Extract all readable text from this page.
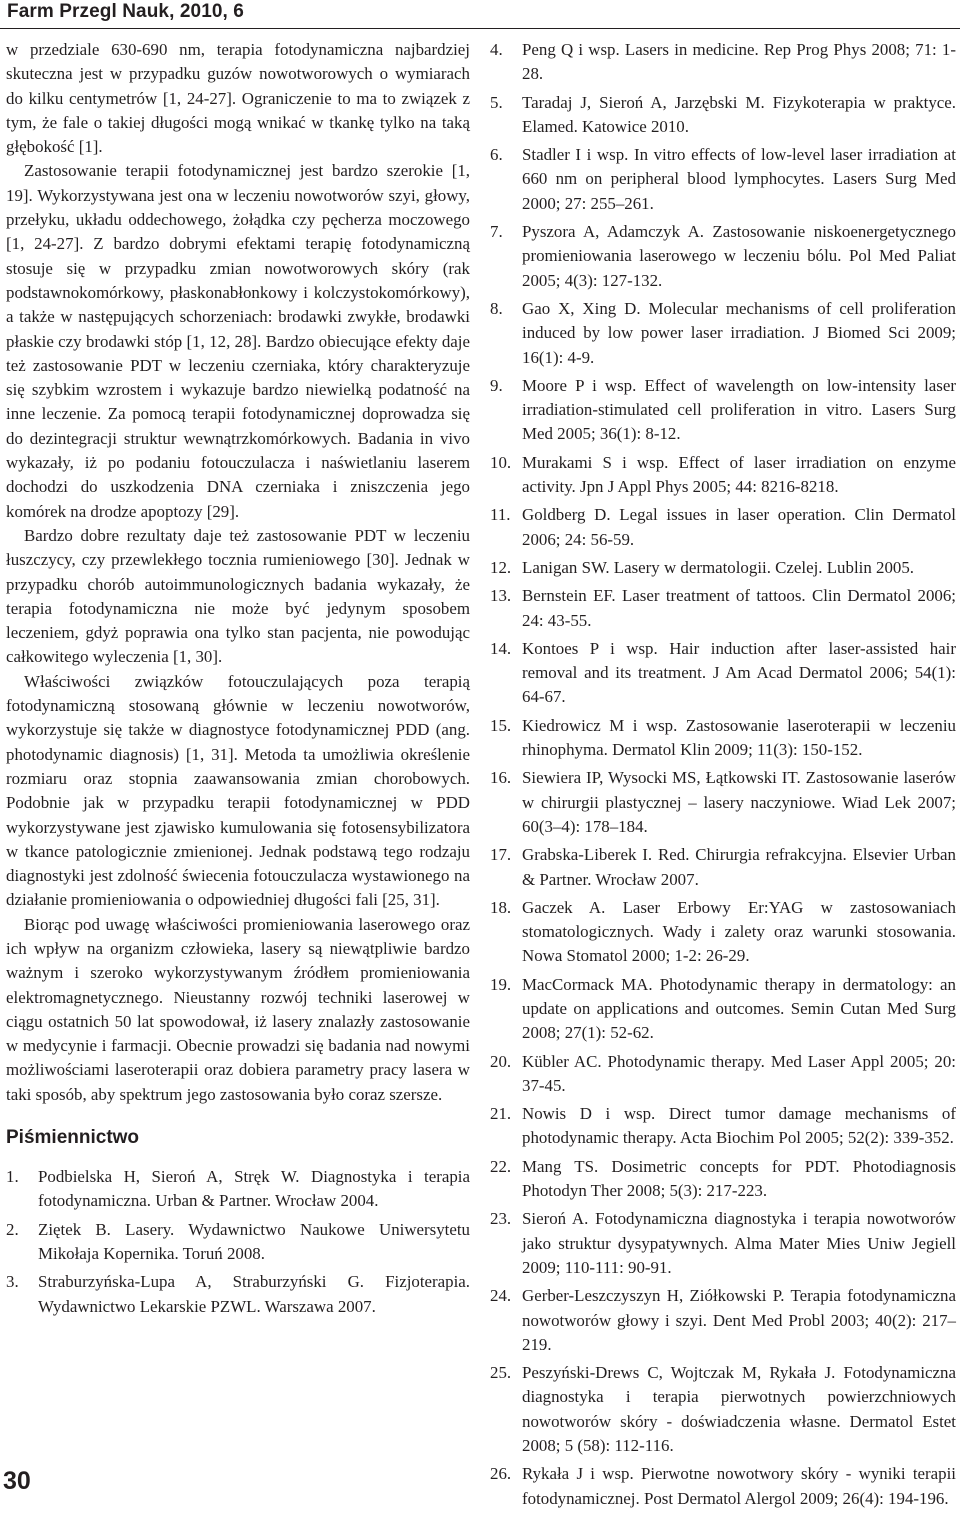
Farm Przegl Nauk, 2010, 6

w przedziale 630-690 nm, terapia fotodynamiczna najbardziej skuteczna jest w przypadku guzów nowotworowych o wymiarach do kilku centymetrów [1, 24-27]. Ograniczenie to ma to związek z tym, że fale o takiej długości mogą wnikać w tkankę tylko na taką głębokość [1].

Zastosowanie terapii fotodynamicznej jest bardzo szerokie [1, 19]. Wykorzystywana jest ona w leczeniu nowotworów szyi, głowy, przełyku, układu oddechowego, żołądka czy pęcherza moczowego [1, 24-27]. Z bardzo dobrymi efektami terapię fotodynamiczną stosuje się w przypadku zmian nowotworowych skóry (rak podstawnokomórkowy, płaskonabłonkowy i kolczystokomórkowy), a także w następujących schorzeniach: brodawki zwykłe, brodawki płaskie czy brodawki stóp [1, 12, 28]. Bardzo obiecujące efekty daje też zastosowanie PDT w leczeniu czerniaka, który charakteryzuje się szybkim wzrostem i wykazuje bardzo niewielką podatność na inne leczenie. Za pomocą terapii fotodynamicznej doprowadza się do dezintegracji struktur wewnątrzkomórkowych. Badania in vivo wykazały, iż po podaniu fotouczulacza i naświetlaniu laserem dochodzi do uszkodzenia DNA czerniaka i zniszczenia jego komórek na drodze apoptozy [29].

Bardzo dobre rezultaty daje też zastosowanie PDT w leczeniu łuszczycy, czy przewlekłego tocznia rumieniowego [30]. Jednak w przypadku chorób autoimmunologicznych badania wykazały, że terapia fotodynamiczna nie może być jedynym sposobem leczeniem, gdyż poprawia ona tylko stan pacjenta, nie powodując całkowitego wyleczenia [1, 30].

Właściwości związków fotouczulających poza terapią fotodynamiczną stosowaną głównie w leczeniu nowotworów, wykorzystuje się także w diagnostyce fotodynamicznej PDD (ang. photodynamic diagnosis) [1, 31]. Metoda ta umożliwia określenie rozmiaru oraz stopnia zaawansowania zmian chorobowych. Podobnie jak w przypadku terapii fotodynamicznej w PDD wykorzystywane jest zjawisko kumulowania się fotosensybilizatora w tkance patologicznie zmienionej. Jednak podstawą tego rodzaju diagnostyki jest zdolność świecenia fotouczulacza wystawionego na działanie promieniowania o odpowiedniej długości fali [25, 31].

Biorąc pod uwagę właściwości promieniowania laserowego oraz ich wpływ na organizm człowieka, lasery są niewątpliwie bardzo ważnym i szeroko wykorzystywanym źródłem promieniowania elektromagnetycznego. Nieustanny rozwój techniki laserowej w ciągu ostatnich 50 lat spowodował, iż lasery znalazły zastosowanie w medycynie i farmacji. Obecnie prowadzi się badania nad nowymi możliwościami laseroterapii oraz dobiera parametry pracy lasera w taki sposób, aby spektrum jego zastosowania było coraz szersze.

Piśmiennictwo
1. Podbielska H, Sieroń A, Stręk W. Diagnostyka i terapia fotodynamiczna. Urban & Partner. Wrocław 2004.
2. Ziętek B. Lasery. Wydawnictwo Naukowe Uniwersytetu Mikołaja Kopernika. Toruń 2008.
3. Straburzyńska-Lupa A, Straburzyński G. Fizjoterapia. Wydawnictwo Lekarskie PZWL. Warszawa 2007.
4. Peng Q i wsp. Lasers in medicine. Rep Prog Phys 2008; 71: 1-28.
5. Taradaj J, Sieroń A, Jarzębski M. Fizykoterapia w praktyce. Elamed. Katowice 2010.
6. Stadler I i wsp. In vitro effects of low-level laser irradiation at 660 nm on peripheral blood lymphocytes. Lasers Surg Med 2000; 27: 255–261.
7. Pyszora A, Adamczyk A. Zastosowanie niskoenergetycznego promieniowania laserowego w leczeniu bólu. Pol Med Paliat 2005; 4(3): 127-132.
8. Gao X, Xing D. Molecular mechanisms of cell proliferation induced by low power laser irradiation. J Biomed Sci 2009; 16(1): 4-9.
9. Moore P i wsp. Effect of wavelength on low-intensity laser irradiation-stimulated cell proliferation in vitro. Lasers Surg Med 2005; 36(1): 8-12.
10. Murakami S i wsp. Effect of laser irradiation on enzyme activity. Jpn J Appl Phys 2005; 44: 8216-8218.
11. Goldberg D. Legal issues in laser operation. Clin Dermatol 2006; 24: 56-59.
12. Lanigan SW. Lasery w dermatologii. Czelej. Lublin 2005.
13. Bernstein EF. Laser treatment of tattoos. Clin Dermatol 2006; 24: 43-55.
14. Kontoes P i wsp. Hair induction after laser-assisted hair removal and its treatment. J Am Acad Dermatol 2006; 54(1): 64-67.
15. Kiedrowicz M i wsp. Zastosowanie laseroterapii w leczeniu rhinophyma. Dermatol Klin 2009; 11(3): 150-152.
16. Siewiera IP, Wysocki MS, Łątkowski IT. Zastosowanie laserów w chirurgii plastycznej – lasery naczyniowe. Wiad Lek 2007; 60(3–4): 178–184.
17. Grabska-Liberek I. Red. Chirurgia refrakcyjna. Elsevier Urban & Partner. Wrocław 2007.
18. Gaczek A. Laser Erbowy Er:YAG w zastosowaniach stomatologicznych. Wady i zalety oraz warunki stosowania. Nowa Stomatol 2000; 1-2: 26-29.
19. MacCormack MA. Photodynamic therapy in dermatology: an update on applications and outcomes. Semin Cutan Med Surg 2008; 27(1): 52-62.
20. Kübler AC. Photodynamic therapy. Med Laser Appl 2005; 20: 37-45.
21. Nowis D i wsp. Direct tumor damage mechanisms of photodynamic therapy. Acta Biochim Pol 2005; 52(2): 339-352.
22. Mang TS. Dosimetric concepts for PDT. Photodiagnosis Photodyn Ther 2008; 5(3): 217-223.
23. Sieroń A. Fotodynamiczna diagnostyka i terapia nowotworów jako struktur dysypatywnych. Alma Mater Mies Uniw Jegiell 2009; 110-111: 90-91.
24. Gerber-Leszczyszyn H, Ziółkowski P. Terapia fotodynamiczna nowotworów głowy i szyi. Dent Med Probl 2003; 40(2): 217–219.
25. Peszyński-Drews C, Wojtczak M, Rykała J. Fotodynamiczna diagnostyka i terapia pierwotnych powierzchniowych nowotworów skóry - doświadczenia własne. Dermatol Estet 2008; 5 (58): 112-116.
26. Rykała J i wsp. Pierwotne nowotwory skóry - wyniki terapii fotodynamicznej. Post Dermatol Alergol 2009; 26(4): 194-196.
30
